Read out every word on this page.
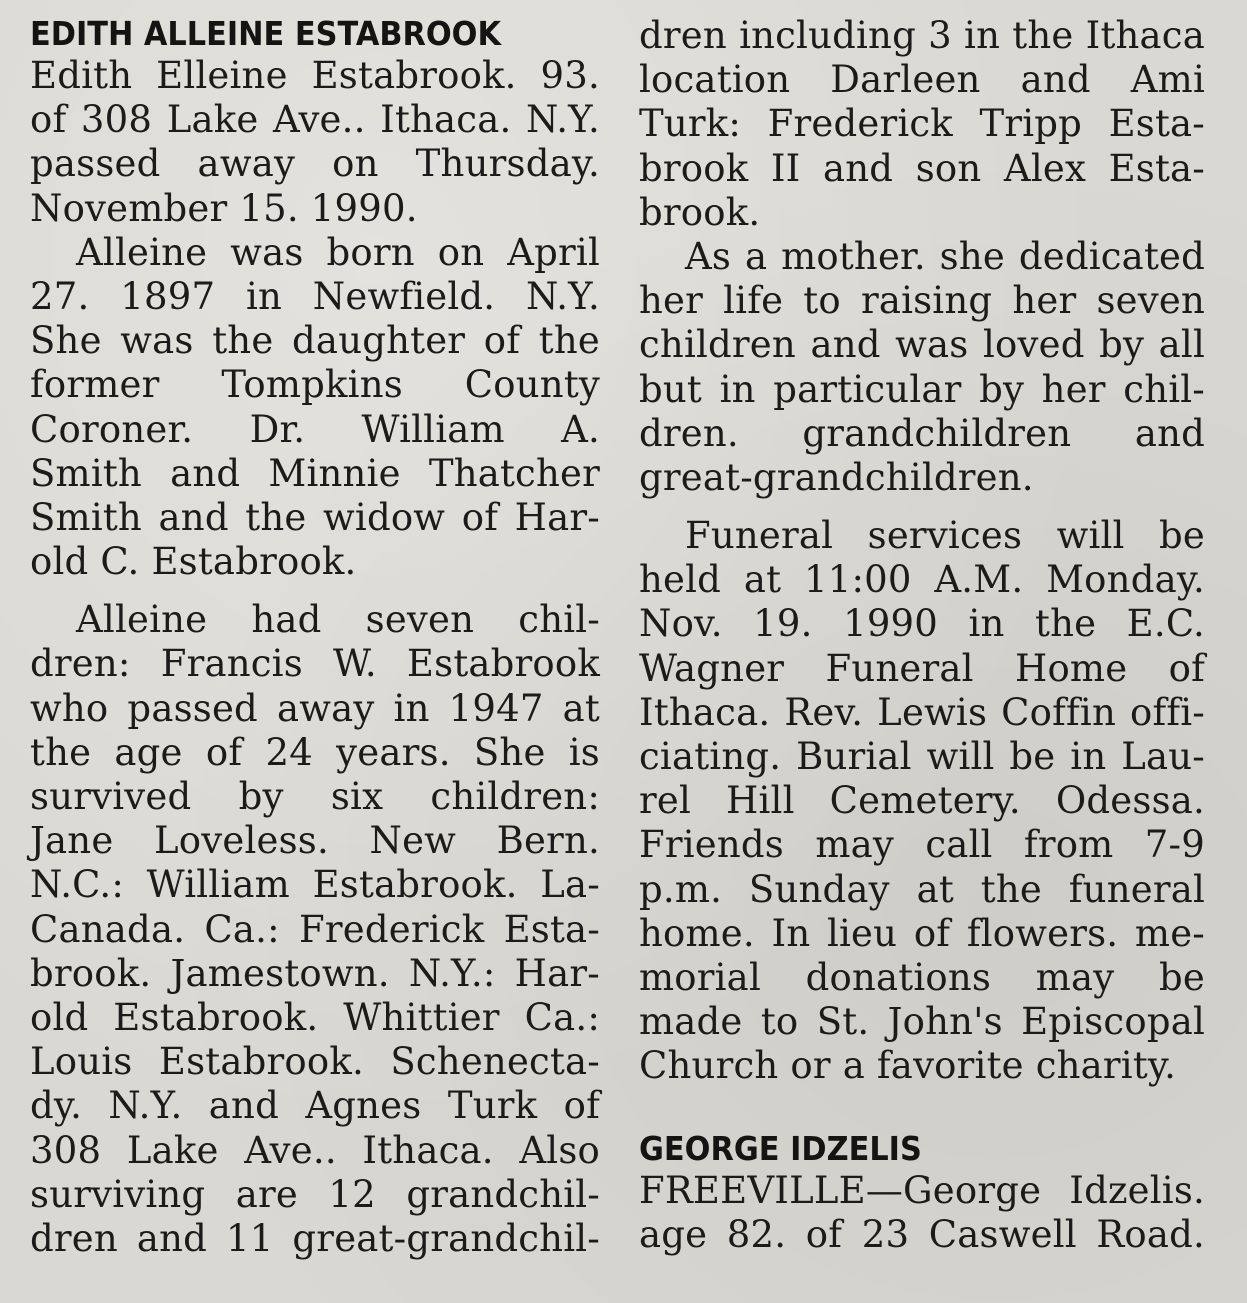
EDITH ALLEINE ESTABROOK
Edith Elleine Estabrook. 93.
of 308 Lake Ave.. Ithaca. N.Y.
passed away on Thursday.
November 15. 1990.
Alleine was born on April
27. 1897 in Newfield. N.Y.
She was the daughter of the
former Tompkins County
Coroner. Dr. William A.
Smith and Minnie Thatcher
Smith and the widow of Har-
old C. Estabrook.
Alleine had seven chil-
dren: Francis W. Estabrook
who passed away in 1947 at
the age of 24 years. She is
survived by six children:
Jane Loveless. New Bern.
N.C.: William Estabrook. La-
Canada. Ca.: Frederick Esta-
brook. Jamestown. N.Y.: Har-
old Estabrook. Whittier Ca.:
Louis Estabrook. Schenecta-
dy. N.Y. and Agnes Turk of
308 Lake Ave.. Ithaca. Also
surviving are 12 grandchil-
dren and 11 great-grandchil-
dren including 3 in the Ithaca
location Darleen and Ami
Turk: Frederick Tripp Esta-
brook II and son Alex Esta-
brook.
As a mother. she dedicated
her life to raising her seven
children and was loved by all
but in particular by her chil-
dren. grandchildren and
great-grandchildren.
Funeral services will be
held at 11:00 A.M. Monday.
Nov. 19. 1990 in the E.C.
Wagner Funeral Home of
Ithaca. Rev. Lewis Coffin offi-
ciating. Burial will be in Lau-
rel Hill Cemetery. Odessa.
Friends may call from 7-9
p.m. Sunday at the funeral
home. In lieu of flowers. me-
morial donations may be
made to St. John's Episcopal
Church or a favorite charity.
GEORGE IDZELIS
FREEVILLE—George Idzelis.
age 82. of 23 Caswell Road.
